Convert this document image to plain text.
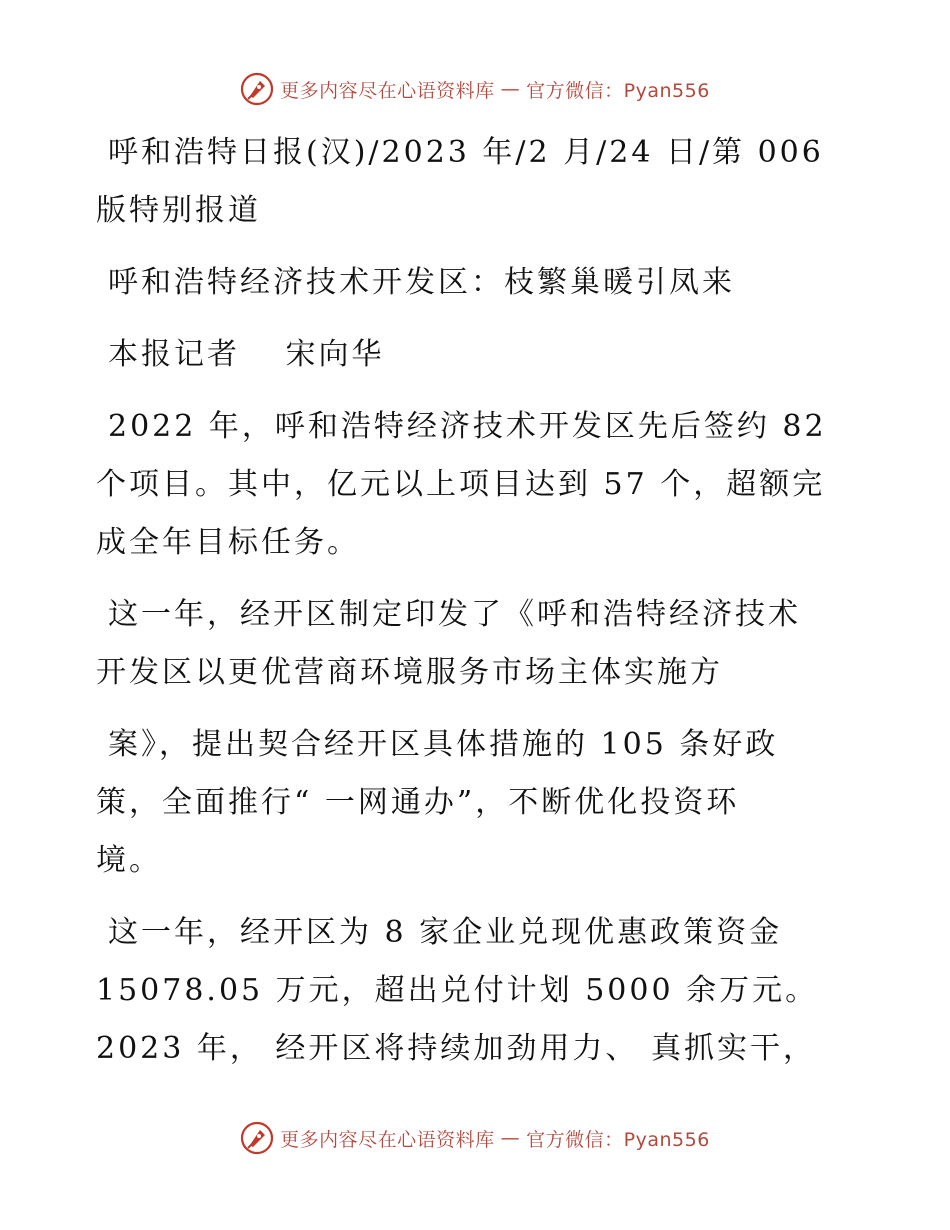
更多内容尽在心语资料库 — 官方微信：Pyan556

呼和浩特日报(汉)/2023 年/2 月/24 日/第 006
版特别报道

呼和浩特经济技术开发区：枝繁巢暖引凤来

本报记者　 宋向华

2022 年，呼和浩特经济技术开发区先后签约 82
个项目。其中，亿元以上项目达到 57 个，超额完
成全年目标任务。

这一年，经开区制定印发了《呼和浩特经济技术
开发区以更优营商环境服务市场主体实施方

案》，提出契合经开区具体措施的 105 条好政
策，全面推行“ 一网通办”，不断优化投资环
境。

这一年，经开区为 8 家企业兑现优惠政策资金
15078.05 万元，超出兑付计划 5000 余万元。
2023 年， 经开区将持续加劲用力、 真抓实干，

更多内容尽在心语资料库 — 官方微信：Pyan556
